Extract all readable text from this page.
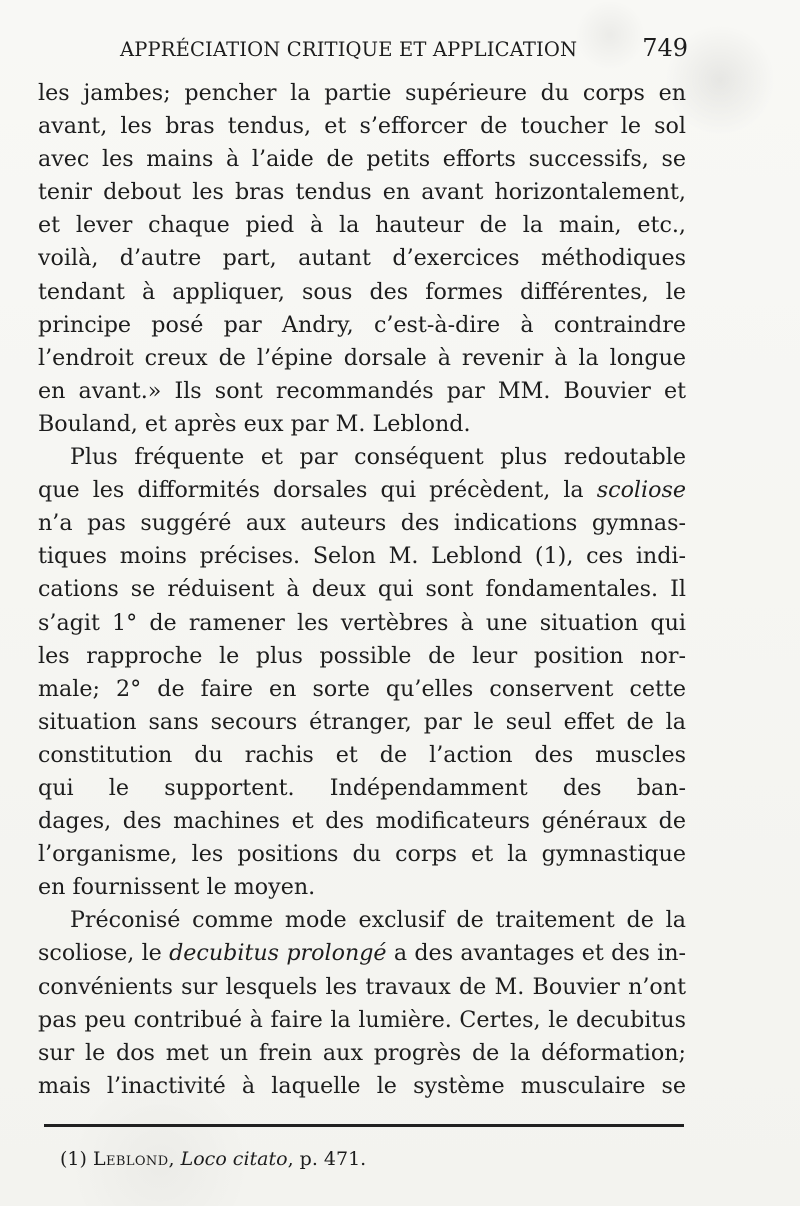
APPRÉCIATION CRITIQUE ET APPLICATION	749
les jambes; pencher la partie supérieure du corps en
avant, les bras tendus, et s’efforcer de toucher le sol
avec les mains à l’aide de petits efforts successifs, se
tenir debout les bras tendus en avant horizontalement,
et lever chaque pied à la hauteur de la main, etc.,
voilà, d’autre part, autant d’exercices méthodiques
tendant à appliquer, sous des formes différentes, le
principe posé par Andry, c’est-à-dire à contraindre
l’endroit creux de l’épine dorsale à revenir à la longue
en avant.» Ils sont recommandés par MM. Bouvier et
Bouland, et après eux par M. Leblond.
Plus fréquente et par conséquent plus redoutable
que les difformités dorsales qui précèdent, la scoliose
n’a pas suggéré aux auteurs des indications gymnas-
tiques moins précises. Selon M. Leblond (1), ces indi-
cations se réduisent à deux qui sont fondamentales. Il
s’agit 1° de ramener les vertèbres à une situation qui
les rapproche le plus possible de leur position nor-
male; 2° de faire en sorte qu’elles conservent cette
situation sans secours étranger, par le seul effet de la
constitution du rachis et de l’action des muscles
qui le supportent. Indépendamment des ban-
dages, des machines et des modificateurs généraux de
l’organisme, les positions du corps et la gymnastique
en fournissent le moyen.
Préconisé comme mode exclusif de traitement de la
scoliose, le decubitus prolongé a des avantages et des in-
convénients sur lesquels les travaux de M. Bouvier n’ont
pas peu contribué à faire la lumière. Certes, le decubitus
sur le dos met un frein aux progrès de la déformation;
mais l’inactivité à laquelle le système musculaire se
(1) Leblond, Loco citato, p. 471.
